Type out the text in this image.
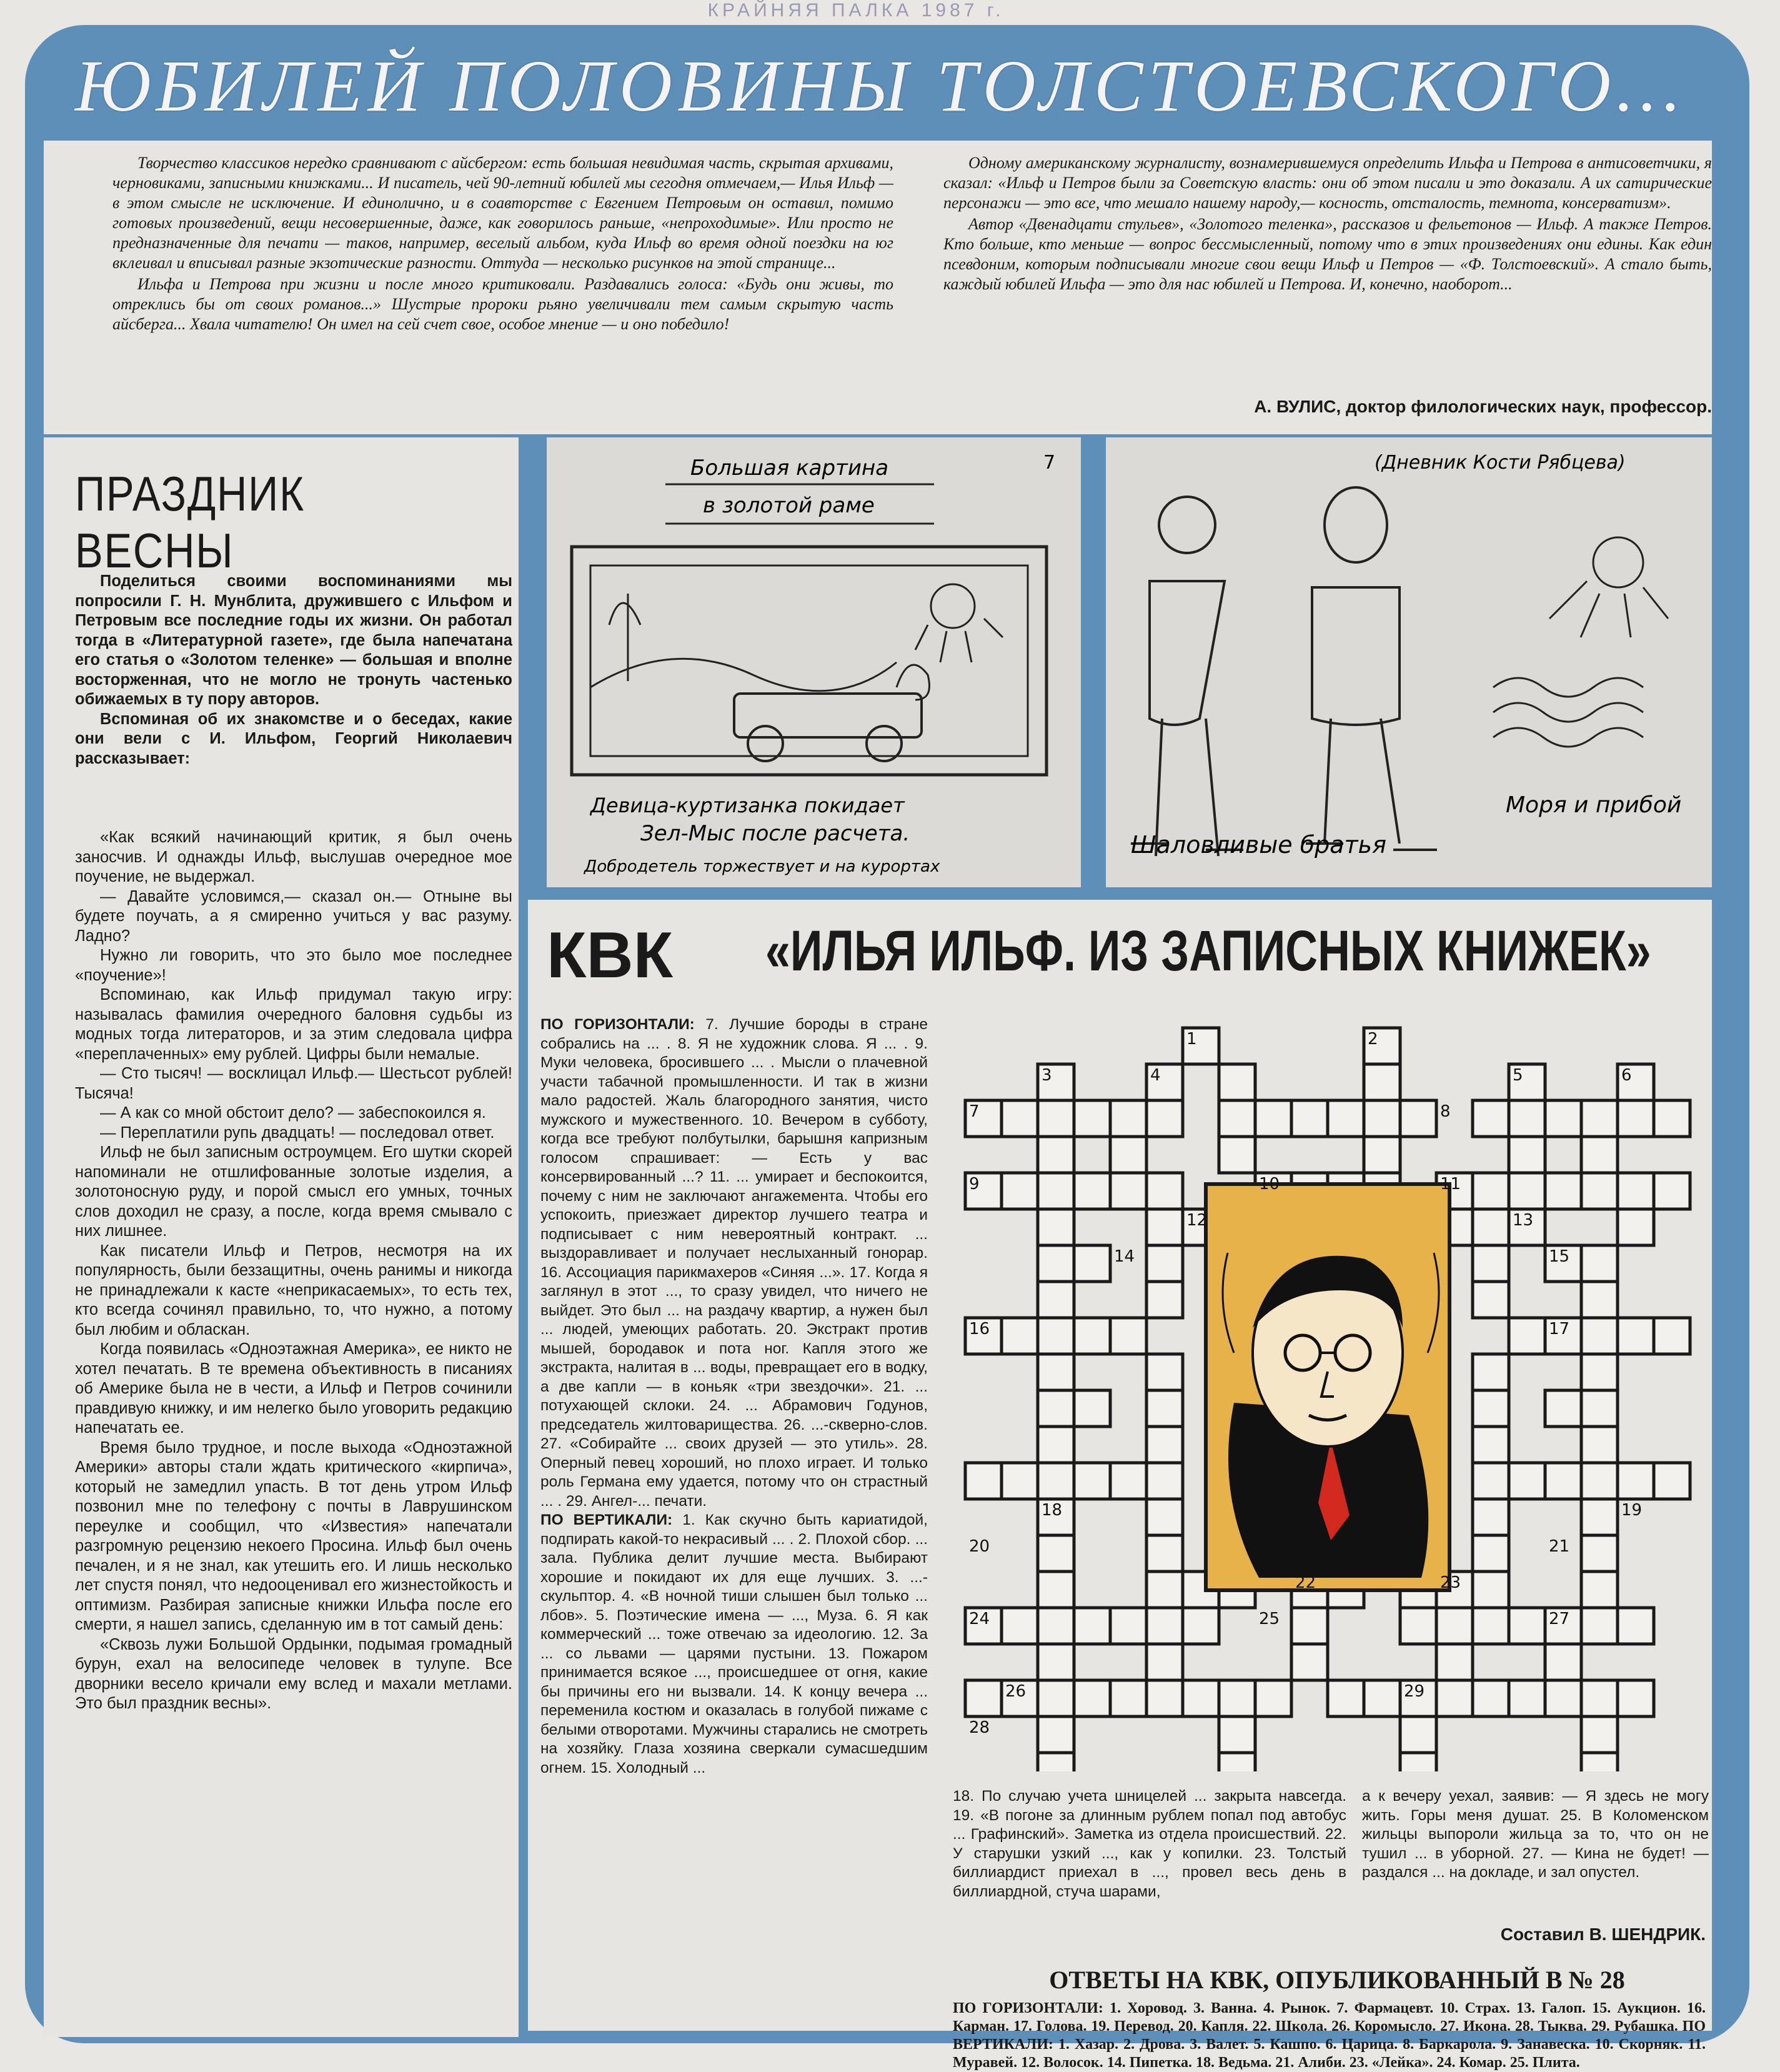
КРАЙНЯЯ ПАЛКА 1987 г.
ЮБИЛЕЙ ПОЛОВИНЫ ТОЛСТОЕВСКОГО...

Творчество классиков нередко сравнивают с айсбергом: есть большая невидимая часть, скрытая архивами, черновиками, записными книжками... И писатель, чей 90-летний юбилей мы сегодня отмечаем,— Илья Ильф — в этом смысле не исключение. И единолично, и в соавторстве с Евгением Петровым он оставил, помимо готовых произведений, вещи несовершенные, даже, как говорилось раньше, «непроходимые». Или просто не предназначенные для печати — таков, например, веселый альбом, куда Ильф во время одной поездки на юг вклеивал и вписывал разные экзотические разности. Оттуда — несколько рисунков на этой странице...

Ильфа и Петрова при жизни и после много критиковали. Раздавались голоса: «Будь они живы, то отреклись бы от своих романов...» Шустрые пророки рьяно увеличивали тем самым скрытую часть айсберга... Хвала читателю! Он имел на сей счет свое, особое мнение — и оно победило!

Одному американскому журналисту, вознамерившемуся определить Ильфа и Петрова в антисоветчики, я сказал: «Ильф и Петров были за Советскую власть: они об этом писали и это доказали. А их сатирические персонажи — это все, что мешало нашему народу,— косность, отсталость, темнота, консерватизм».

Автор «Двенадцати стульев», «Золотого теленка», рассказов и фельетонов — Ильф. А также Петров. Кто больше, кто меньше — вопрос бессмысленный, потому что в этих произведениях они едины. Как един псевдоним, которым подписывали многие свои вещи Ильф и Петров — «Ф. Толстоевский». А стало быть, каждый юбилей Ильфа — это для нас юбилей и Петрова. И, конечно, наоборот...

А. ВУЛИС, доктор филологических наук, профессор.
ПРАЗДНИК ВЕСНЫ

Поделиться своими воспоминаниями мы попросили Г. Н. Мунблита, дружившего с Ильфом и Петровым все последние годы их жизни. Он работал тогда в «Литературной газете», где была напечатана его статья о «Золотом теленке» — большая и вполне восторженная, что не могло не тронуть частенько обижаемых в ту пору авторов.

Вспоминая об их знакомстве и о беседах, какие они вели с И. Ильфом, Георгий Николаевич рассказывает:

«Как всякий начинающий критик, я был очень заносчив. И однажды Ильф, выслушав очередное мое поучение, не выдержал.

— Давайте условимся,— сказал он.— Отныне вы будете поучать, а я смиренно учиться у вас разуму. Ладно?

Нужно ли говорить, что это было мое последнее «поучение»!

Вспоминаю, как Ильф придумал такую игру: называлась фамилия очередного баловня судьбы из модных тогда литераторов, и за этим следовала цифра «переплаченных» ему рублей. Цифры были немалые.

— Сто тысяч! — восклицал Ильф.— Шестьсот рублей! Тысяча!

— А как со мной обстоит дело? — забеспокоился я.

— Переплатили рупь двадцать! — последовал ответ.

Ильф не был записным остроумцем. Его шутки скорей напоминали не отшлифованные золотые изделия, а золотоносную руду, и порой смысл его умных, точных слов доходил не сразу, а после, когда время смывало с них лишнее.

Как писатели Ильф и Петров, несмотря на их популярность, были беззащитны, очень ранимы и никогда не принадлежали к касте «неприкасаемых», то есть тех, кто всегда сочинял правильно, то, что нужно, а потому был любим и обласкан.

Когда появилась «Одноэтажная Америка», ее никто не хотел печатать. В те времена объективность в писаниях об Америке была не в чести, а Ильф и Петров сочинили правдивую книжку, и им нелегко было уговорить редакцию напечатать ее.

Время было трудное, и после выхода «Одноэтажной Америки» авторы стали ждать критического «кирпича», который не замедлил упасть. В тот день утром Ильф позвонил мне по телефону с почты в Лаврушинском переулке и сообщил, что «Известия» напечатали разгромную рецензию некоего Просина. Ильф был очень печален, и я не знал, как утешить его. И лишь несколько лет спустя понял, что недооценивал его жизнестойкость и оптимизм. Разбирая записные книжки Ильфа после его смерти, я нашел запись, сделанную им в тот самый день:

«Сквозь лужи Большой Ордынки, подымая громадный бурун, ехал на велосипеде человек в тулупе. Все дворники весело кричали ему вслед и махали метлами. Это был праздник весны».

Большая картина
в золотой раме
7
Девица-куртизанка покидает
Зел-Мыс после расчета.
Добродетель торжествует и на курортах
(Дневник Кости Рябцева)
Шаловливые братья
Моря и прибой
КВК	«ИЛЬЯ ИЛЬФ. ИЗ ЗАПИСНЫХ КНИЖЕК»
ПО ГОРИЗОНТАЛИ: 7. Лучшие бороды в стране собрались на ... . 8. Я не художник слова. Я ... . 9. Муки человека, бросившего ... . Мысли о плачевной участи табачной промышленности. И так в жизни мало радостей. Жаль благородного занятия, чисто мужского и мужественного. 10. Вечером в субботу, когда все требуют полбутылки, барышня капризным голосом спрашивает: — Есть у вас консервированный ...? 11. ... умирает и беспокоится, почему с ним не заключают ангажемента. Чтобы его успокоить, приезжает директор лучшего театра и подписывает с ним невероятный контракт. ... выздоравливает и получает неслыханный гонорар. 16. Ассоциация парикмахеров «Синяя ...». 17. Когда я заглянул в этот ..., то сразу увидел, что ничего не выйдет. Это был ... на раздачу квартир, а нужен был ... людей, умеющих работать. 20. Экстракт против мышей, бородавок и пота ног. Капля этого же экстракта, налитая в ... воды, превращает его в водку, а две капли — в коньяк «три звездочки». 21. ... потухающей склоки. 24. ... Абрамович Годунов, председатель жилтоварищества. 26. ...-скверно-слов. 27. «Собирайте ... своих друзей — это утиль». 28. Оперный певец хороший, но плохо играет. И только роль Германа ему удается, потому что он страстный ... . 29. Ангел-... печати.
ПО ВЕРТИКАЛИ: 1. Как скучно быть кариатидой, подпирать какой-то некрасивый ... . 2. Плохой сбор. ... зала. Публика делит лучшие места. Выбирают хорошие и покидают их для еще лучших. 3. ...-скульптор. 4. «В ночной тиши слышен был только ... лбов». 5. Поэтические имена — ..., Муза. 6. Я как коммерческий ... тоже отвечаю за идеологию. 12. За ... со львами — царями пустыни. 13. Пожаром принимается всякое ..., происшедшее от огня, какие бы причины его ни вызвали. 14. К концу вечера ... переменила костюм и оказалась в голубой пижаме с белыми отворотами. Мужчины старались не смотреть на хозяйку. Глаза хозяина сверкали сумасшедшим огнем. 15. Холодный ...
1	2
3	4	5	6
7	8
9	10	11
12	13
14	15
16	17
18	19
20	21
22	23
24	25
26
27
28
29
18. По случаю учета шницелей ... закрыта навсегда. 19. «В погоне за длинным рублем попал под автобус ... Графинский». Заметка из отдела происшествий. 22. У старушки узкий ..., как у копилки. 23. Толстый биллиардист приехал в ..., провел весь день в биллиардной, стуча шарами,
а к вечеру уехал, заявив: — Я здесь не могу жить. Горы меня душат. 25. В Коломенском жильцы выпороли жильца за то, что он не тушил ... в уборной. 27. — Кина не будет! — раздался ... на докладе, и зал опустел.
Составил В. ШЕНДРИК.
ОТВЕТЫ НА КВК, ОПУБЛИКОВАННЫЙ В № 28
ПО ГОРИЗОНТАЛИ: 1. Хоровод. 3. Ванна. 4. Рынок. 7. Фармацевт. 10. Страх. 13. Галоп. 15. Аукцион. 16. Карман. 17. Голова. 19. Перевод. 20. Капля. 22. Школа. 26. Коромысло. 27. Икона. 28. Тыква. 29. Рубашка. ПО ВЕРТИКАЛИ: 1. Хазар. 2. Дрова. 3. Валет. 5. Кашпо. 6. Царица. 8. Баркарола. 9. Занавеска. 10. Скорняк. 11. Муравей. 12. Волосок. 14. Пипетка. 18. Ведьма. 21. Алиби. 23. «Лейка». 24. Комар. 25. Плита.
